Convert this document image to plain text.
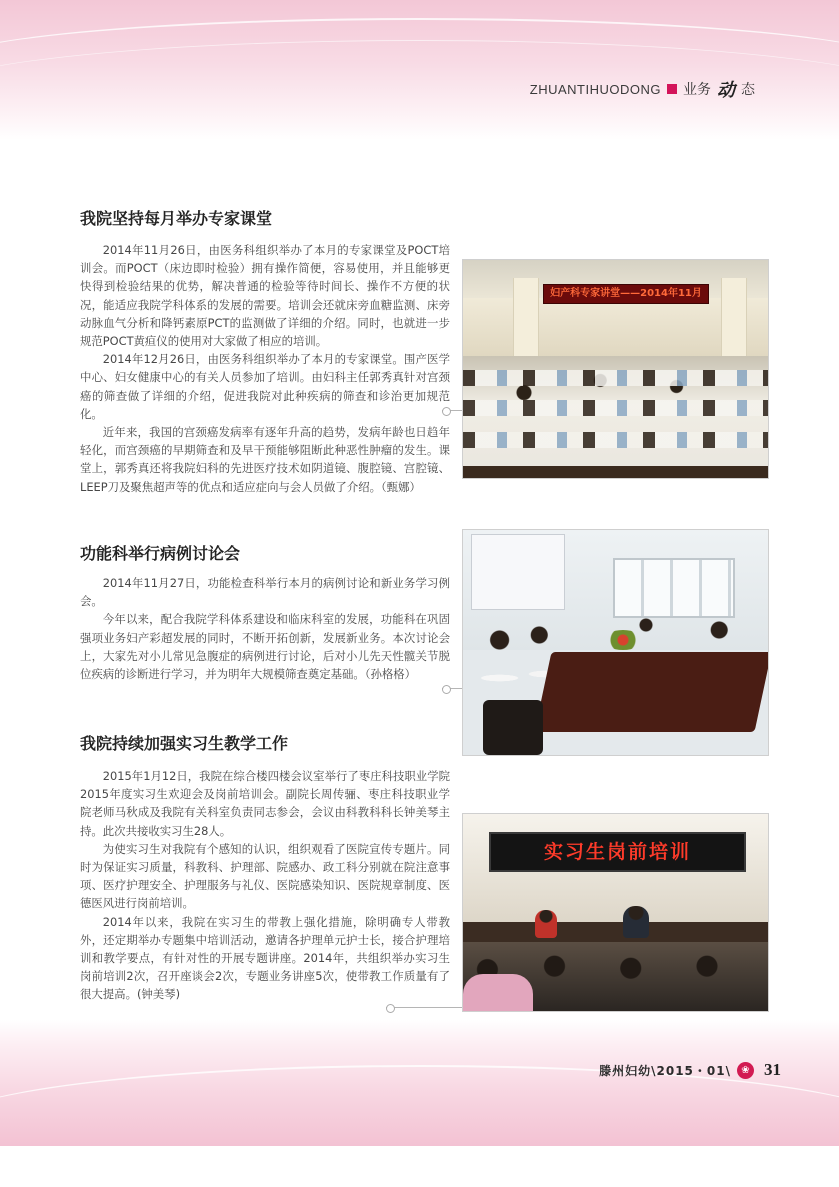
ZHUANTIHUODONG 业务 动 态
我院坚持每月举办专家课堂

2014年11月26日，由医务科组织举办了本月的专家课堂及POCT培训会。而POCT（床边即时检验）拥有操作简便，容易使用，并且能够更快得到检验结果的优势，解决普通的检验等待时间长、操作不方便的状况，能适应我院学科体系的发展的需要。培训会还就床旁血糖监测、床旁动脉血气分析和降钙素原PCT的监测做了详细的介绍。同时，也就进一步规范POCT黄疸仪的使用对大家做了相应的培训。

2014年12月26日，由医务科组织举办了本月的专家课堂。围产医学中心、妇女健康中心的有关人员参加了培训。由妇科主任郭秀真针对宫颈癌的筛查做了详细的介绍，促进我院对此种疾病的筛查和诊治更加规范化。

近年来，我国的宫颈癌发病率有逐年升高的趋势，发病年龄也日趋年轻化，而宫颈癌的早期筛查和及早干预能够阻断此种恶性肿瘤的发生。课堂上，郭秀真还将我院妇科的先进医疗技术如阴道镜、腹腔镜、宫腔镜、LEEP刀及聚焦超声等的优点和适应症向与会人员做了介绍。（甄娜）

妇产科专家讲堂——2014年11月
功能科举行病例讨论会

2014年11月27日，功能检查科举行本月的病例讨论和新业务学习例会。

今年以来，配合我院学科体系建设和临床科室的发展，功能科在巩固强项业务妇产彩超发展的同时，不断开拓创新，发展新业务。本次讨论会上，大家先对小儿常见急腹症的病例进行讨论，后对小儿先天性髋关节脱位疾病的诊断进行学习，并为明年大规模筛查奠定基础。（孙格格）

我院持续加强实习生教学工作

2015年1月12日，我院在综合楼四楼会议室举行了枣庄科技职业学院2015年度实习生欢迎会及岗前培训会。副院长周传骊、枣庄科技职业学院老师马秋成及我院有关科室负责同志参会，会议由科教科科长钟美琴主持。此次共接收实习生28人。

为使实习生对我院有个感知的认识，组织观看了医院宣传专题片。同时为保证实习质量，科教科、护理部、院感办、政工科分别就在院注意事项、医疗护理安全、护理服务与礼仪、医院感染知识、医院规章制度、医德医风进行岗前培训。

2014年以来，我院在实习生的带教上强化措施，除明确专人带教外，还定期举办专题集中培训活动，邀请各护理单元护士长，接合护理培训和教学要点，有针对性的开展专题讲座。2014年，共组织举办实习生岗前培训2次，召开座谈会2次，专题业务讲座5次，使带教工作质量有了很大提高。(钟美琴)

实习生岗前培训
滕州妇幼\2015・01\	❀ 31
